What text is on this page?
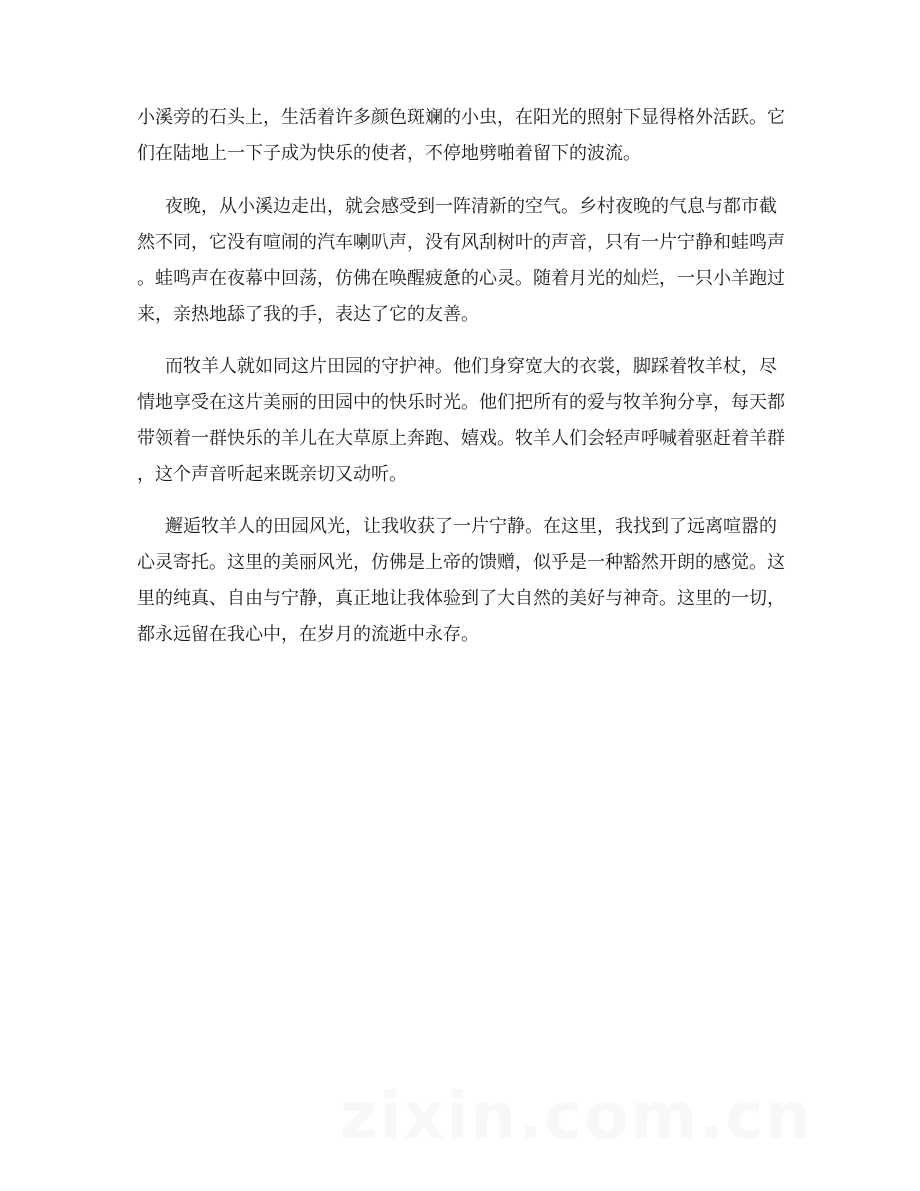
小溪旁的石头上，生活着许多颜色斑斓的小虫，在阳光的照射下显得格外活跃。它
们在陆地上一下子成为快乐的使者，不停地劈啪着留下的波流。
夜晚，从小溪边走出，就会感受到一阵清新的空气。乡村夜晚的气息与都市截
然不同，它没有喧闹的汽车喇叭声，没有风刮树叶的声音，只有一片宁静和蛙鸣声
。蛙鸣声在夜幕中回荡，仿佛在唤醒疲惫的心灵。随着月光的灿烂，一只小羊跑过
来，亲热地舔了我的手，表达了它的友善。
而牧羊人就如同这片田园的守护神。他们身穿宽大的衣裳，脚踩着牧羊杖，尽
情地享受在这片美丽的田园中的快乐时光。他们把所有的爱与牧羊狗分享，每天都
带领着一群快乐的羊儿在大草原上奔跑、嬉戏。牧羊人们会轻声呼喊着驱赶着羊群
，这个声音听起来既亲切又动听。
邂逅牧羊人的田园风光，让我收获了一片宁静。在这里，我找到了远离喧嚣的
心灵寄托。这里的美丽风光，仿佛是上帝的馈赠，似乎是一种豁然开朗的感觉。这
里的纯真、自由与宁静，真正地让我体验到了大自然的美好与神奇。这里的一切，
都永远留在我心中，在岁月的流逝中永存。
zixin.com.cn
